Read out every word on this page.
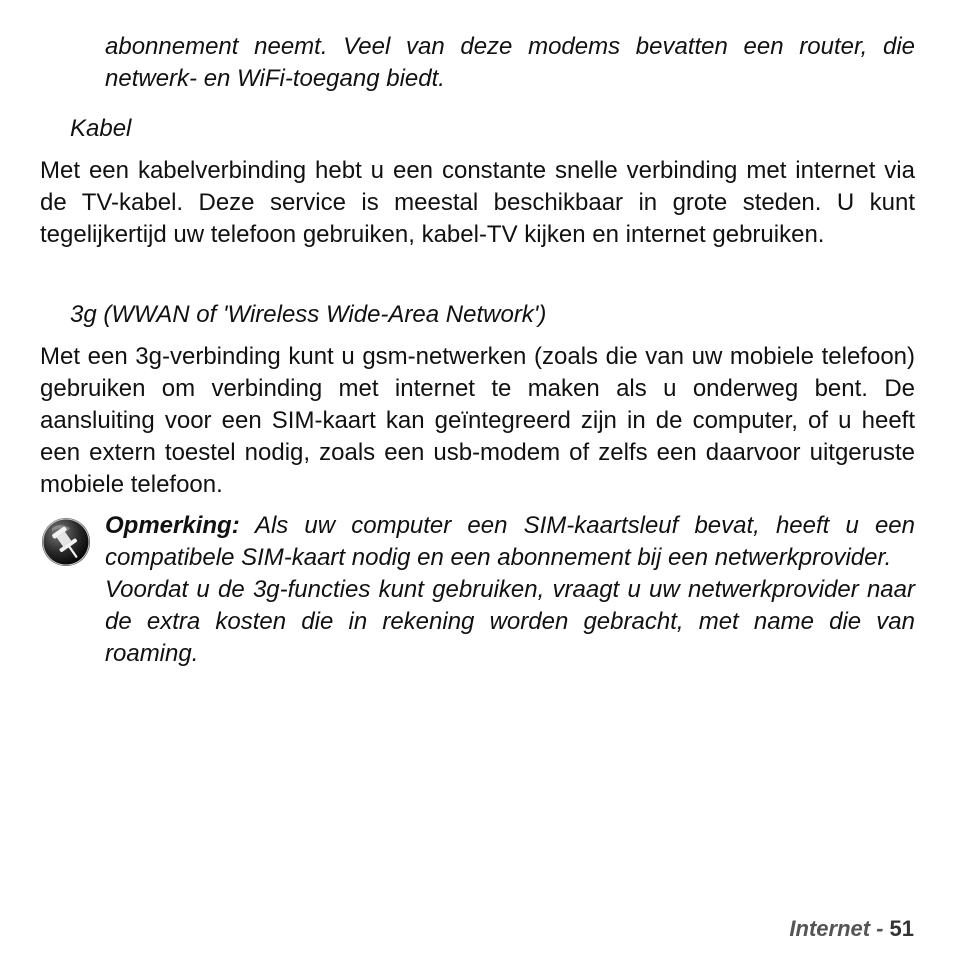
abonnement neemt. Veel van deze modems bevatten een router, die netwerk- en WiFi-toegang biedt.

Kabel

Met een kabelverbinding hebt u een constante snelle verbinding met internet via de TV-kabel. Deze service is meestal beschikbaar in grote steden. U kunt tegelijkertijd uw telefoon gebruiken, kabel-TV kijken en internet gebruiken.

3g (WWAN of 'Wireless Wide-Area Network')

Met een 3g-verbinding kunt u gsm-netwerken (zoals die van uw mobiele telefoon) gebruiken om verbinding met internet te maken als u onderweg bent. De aansluiting voor een SIM-kaart kan geïntegreerd zijn in de computer, of u heeft een extern toestel nodig, zoals een usb-modem of zelfs een daarvoor uitgeruste mobiele telefoon.

Opmerking: Als uw computer een SIM-kaartsleuf bevat, heeft u een compatibele SIM-kaart nodig en een abonnement bij een netwerkprovider.

Voordat u de 3g-functies kunt gebruiken, vraagt u uw netwerkprovider naar de extra kosten die in rekening worden gebracht, met name die van roaming.

Internet - 51
